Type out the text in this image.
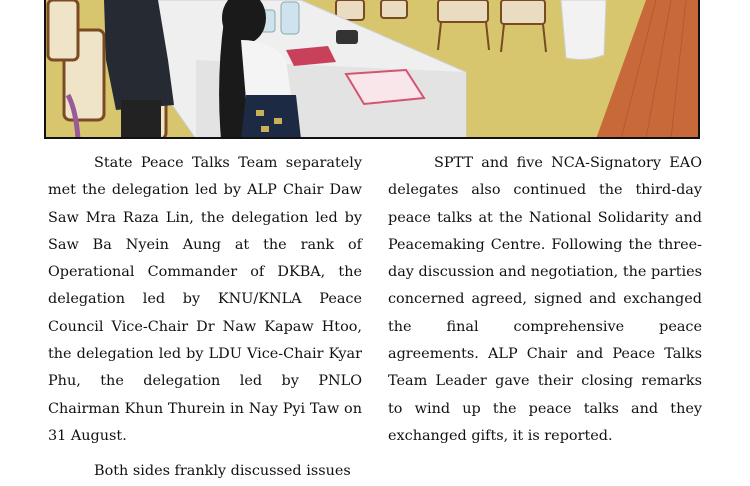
State Peace Talks Team separately met the delegation led by ALP Chair Daw Saw Mra Raza Lin, the delegation led by Saw Ba Nyein Aung at the rank of Operational Commander of DKBA, the delegation led by KNU/KNLA Peace Council Vice-Chair Dr Naw Kapaw Htoo, the delegation led by LDU Vice-Chair Kyar Phu, the delegation led by PNLO Chairman Khun Thurein in Nay Pyi Taw on 31 August.

Both sides frankly discussed issues

SPTT and five NCA-Signatory EAO delegates also continued the third-day peace talks at the National Solidarity and Peacemaking Centre. Following the three-day discussion and negotiation, the parties concerned agreed, signed and exchanged the final comprehensive peace agreements. ALP Chair and Peace Talks Team Leader gave their closing remarks to wind up the peace talks and they exchanged gifts, it is reported.
